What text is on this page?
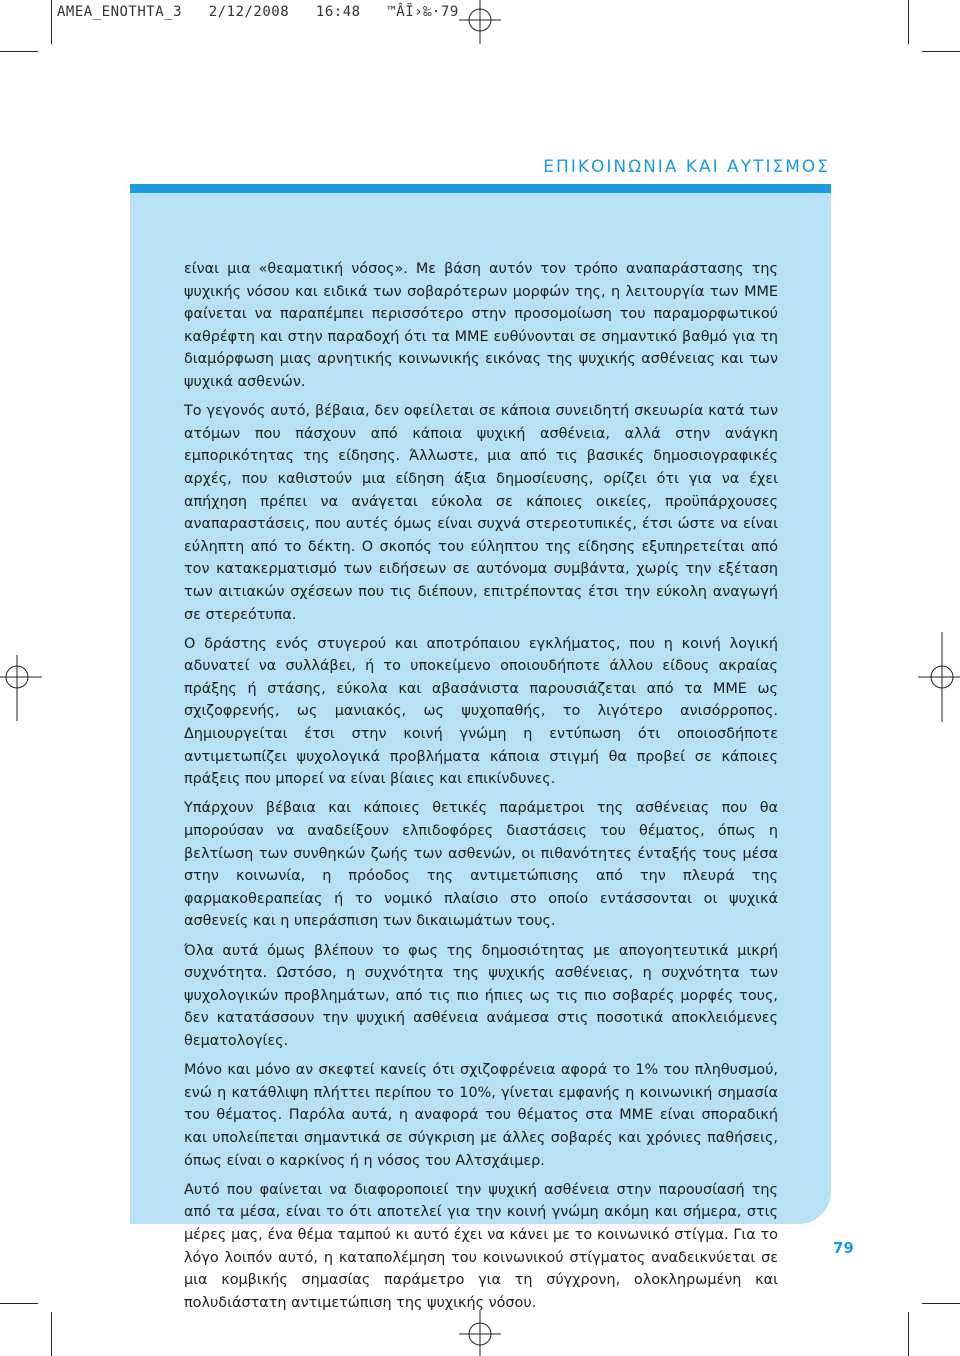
AMEA_ENOTHTA_3   2/12/2008   16:48   ™ÂÏ›‰·79
ΕΠΙΚΟΙΝΩΝΙΑ ΚΑΙ ΑΥΤΙΣΜΟΣ

είναι μια «θεαματική νόσος». Με βάση αυτόν τον τρόπο αναπαράστασης της ψυχικής νόσου και ειδικά των σοβαρότερων μορφών της, η λειτουργία των ΜΜΕ φαίνεται να παραπέμπει περισσότερο στην προσομοίωση του παραμορφωτικού καθρέφτη και στην παραδοχή ότι τα ΜΜΕ ευθύνονται σε σημαντικό βαθμό για τη διαμόρφωση μιας αρνητικής κοινωνικής εικόνας της ψυχικής ασθένειας και των ψυχικά ασθενών.

Το γεγονός αυτό, βέβαια, δεν οφείλεται σε κάποια συνειδητή σκευωρία κατά των ατόμων που πάσχουν από κάποια ψυχική ασθένεια, αλλά στην ανάγκη εμπορικότητας της είδησης. Άλλωστε, μια από τις βασικές δημοσιογραφικές αρχές, που καθιστούν μια είδηση άξια δημοσίευσης, ορίζει ότι για να έχει απήχηση πρέπει να ανάγεται εύκολα σε κάποιες οικείες, προϋπάρχουσες αναπαραστάσεις, που αυτές όμως είναι συχνά στερεοτυπικές, έτσι ώστε να είναι εύληπτη από το δέκτη. Ο σκοπός του εύληπτου της είδησης εξυπηρετείται από τον κατακερματισμό των ειδήσεων σε αυτόνομα συμβάντα, χωρίς την εξέταση των αιτιακών σχέσεων που τις διέπουν, επιτρέποντας έτσι την εύκολη αναγωγή σε στερεότυπα.

Ο δράστης ενός στυγερού και αποτρόπαιου εγκλήματος, που η κοινή λογική αδυνατεί να συλλάβει, ή το υποκείμενο οποιουδήποτε άλλου είδους ακραίας πράξης ή στάσης, εύκολα και αβασάνιστα παρουσιάζεται από τα ΜΜΕ ως σχιζοφρενής, ως μανιακός, ως ψυχοπαθής, το λιγότερο ανισόρροπος. Δημιουργείται έτσι στην κοινή γνώμη η εντύπωση ότι οποιοσδήποτε αντιμετωπίζει ψυχολογικά προβλήματα κάποια στιγμή θα προβεί σε κάποιες πράξεις που μπορεί να είναι βίαιες και επικίνδυνες.

Υπάρχουν βέβαια και κάποιες θετικές παράμετροι της ασθένειας που θα μπορούσαν να αναδείξουν ελπιδοφόρες διαστάσεις του θέματος, όπως η βελτίωση των συνθηκών ζωής των ασθενών, οι πιθανότητες ένταξής τους μέσα στην κοινωνία, η πρόοδος της αντιμετώπισης από την πλευρά της φαρμακοθεραπείας ή το νομικό πλαίσιο στο οποίο εντάσσονται οι ψυχικά ασθενείς και η υπεράσπιση των δικαιωμάτων τους.

Όλα αυτά όμως βλέπουν το φως της δημοσιότητας με απογοητευτικά μικρή συχνότητα. Ωστόσο, η συχνότητα της ψυχικής ασθένειας, η συχνότητα των ψυχολογικών προβλημάτων, από τις πιο ήπιες ως τις πιο σοβαρές μορφές τους, δεν κατατάσσουν την ψυχική ασθένεια ανάμεσα στις ποσοτικά αποκλειόμενες θεματολογίες.

Μόνο και μόνο αν σκεφτεί κανείς ότι σχιζοφρένεια αφορά το 1% του πληθυσμού, ενώ η κατάθλιψη πλήττει περίπου το 10%, γίνεται εμφανής η κοινωνική σημασία του θέματος. Παρόλα αυτά, η αναφορά του θέματος στα ΜΜΕ είναι σποραδική και υπολείπεται σημαντικά σε σύγκριση με άλλες σοβαρές και χρόνιες παθήσεις, όπως είναι ο καρκίνος ή η νόσος του Αλτσχάιμερ.

Αυτό που φαίνεται να διαφοροποιεί την ψυχική ασθένεια στην παρουσίασή της από τα μέσα, είναι το ότι αποτελεί για την κοινή γνώμη ακόμη και σήμερα, στις μέρες μας, ένα θέμα ταμπού κι αυτό έχει να κάνει με το κοινωνικό στίγμα. Για το λόγο λοιπόν αυτό, η καταπολέμηση του κοινωνικού στίγματος αναδεικνύεται σε μια κομβικής σημασίας παράμετρο για τη σύγχρονη, ολοκληρωμένη και πολυδιάστατη αντιμετώπιση της ψυχικής νόσου.

79
